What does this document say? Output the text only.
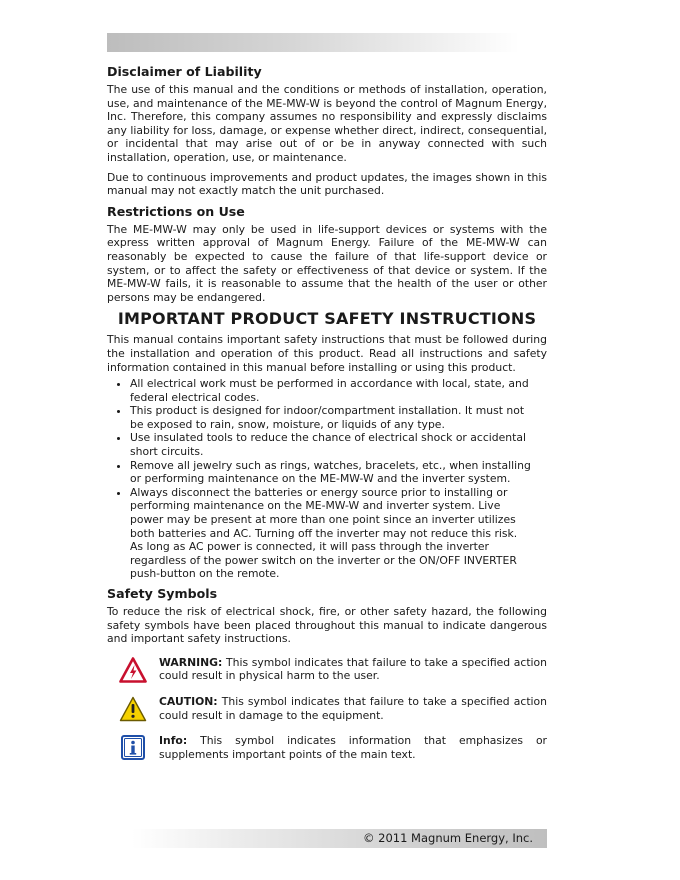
Disclaimer of Liability

The use of this manual and the conditions or methods of installation, operation, use, and maintenance of the ME-MW-W is beyond the control of Magnum Energy, Inc. Therefore, this company assumes no responsibility and expressly disclaims any liability for loss, damage, or expense whether direct, indirect, consequential, or incidental that may arise out of or be in anyway connected with such installation, operation, use, or maintenance.

Due to continuous improvements and product updates, the images shown in this manual may not exactly match the unit purchased.

Restrictions on Use

The ME-MW-W may only be used in life-support devices or systems with the express written approval of Magnum Energy. Failure of the ME-MW-W can reasonably be expected to cause the failure of that life-support device or system, or to affect the safety or effectiveness of that device or system. If the ME-MW-W fails, it is reasonable to assume that the health of the user or other persons may be endangered.

IMPORTANT PRODUCT SAFETY INSTRUCTIONS

This manual contains important safety instructions that must be followed during the installation and operation of this product. Read all instructions and safety information contained in this manual before installing or using this product.

• All electrical work must be performed in accordance with local, state, and federal electrical codes.
• This product is designed for indoor/compartment installation. It must not be exposed to rain, snow, moisture, or liquids of any type.
• Use insulated tools to reduce the chance of electrical shock or accidental short circuits.
• Remove all jewelry such as rings, watches, bracelets, etc., when installing or performing maintenance on the ME-MW-W and the inverter system.
• Always disconnect the batteries or energy source prior to installing or performing maintenance on the ME-MW-W and inverter system. Live power may be present at more than one point since an inverter utilizes both batteries and AC. Turning off the inverter may not reduce this risk. As long as AC power is connected, it will pass through the inverter regardless of the power switch on the inverter or the ON/OFF INVERTER push-button on the remote.
Safety Symbols

To reduce the risk of electrical shock, fire, or other safety hazard, the following safety symbols have been placed throughout this manual to indicate dangerous and important safety instructions.

WARNING: This symbol indicates that failure to take a specified action could result in physical harm to the user.

CAUTION: This symbol indicates that failure to take a specified action could result in damage to the equipment.

Info: This symbol indicates information that emphasizes or supplements important points of the main text.

© 2011 Magnum Energy, Inc.
